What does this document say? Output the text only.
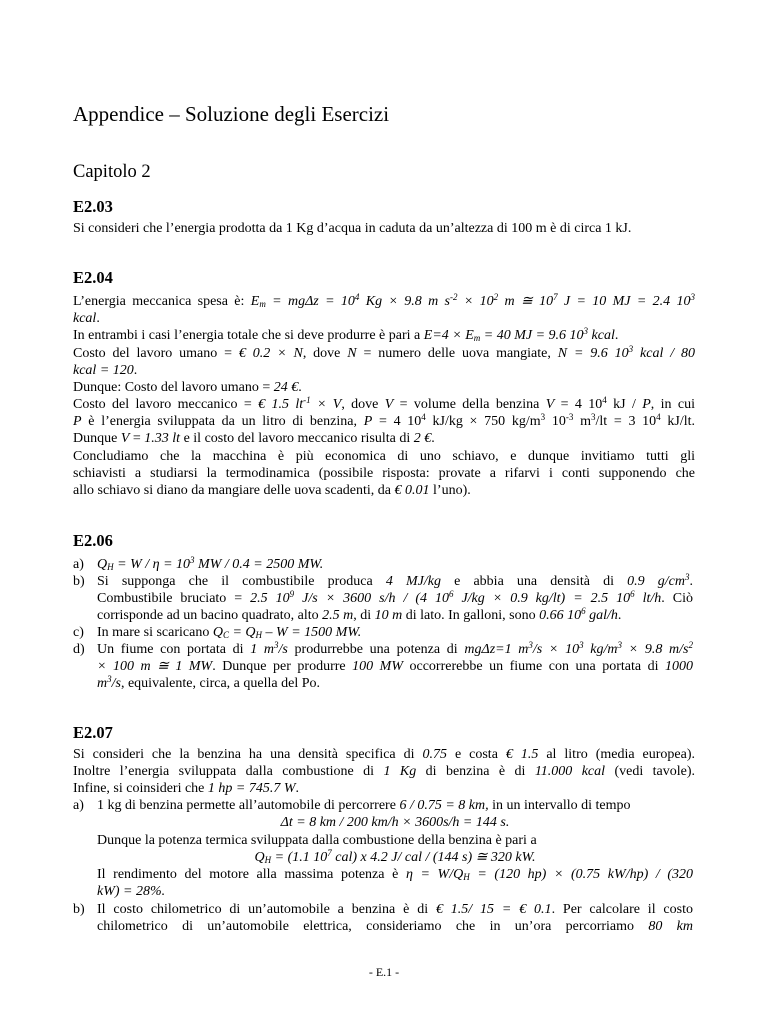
Appendice – Soluzione degli Esercizi
Capitolo 2
E2.03
Si consideri che l’energia prodotta da 1 Kg d’acqua in caduta da un’altezza di 100 m è di circa 1 kJ.
E2.04
L’energia meccanica spesa è: $E_m = mg\Delta z = 10^4$ Kg × 9.8 m $s^{-2} \times 10^2$ m ≅ $10^7$ J = 10 MJ = 2.4 $10^3$
kcal.
In entrambi i casi l’energia totale che si deve produrre è pari a $E=4 \times E_m = 40$ MJ = 9.6 $10^3$ kcal.
Costo del lavoro umano = € 0.2 × N, dove N = numero delle uova mangiate, N = 9.6 $10^3$ kcal / 80
kcal = 120.
Dunque: Costo del lavoro umano = 24 €.
Costo del lavoro meccanico = € 1.5 $lt^{-1} \times V$, dove V = volume della benzina V = 4 $10^4$ kJ / P, in cui
P è l’energia sviluppata da un litro di benzina, P = 4 $10^4$ kJ/kg × 750 $kg/m^3$ $10^{-3}$ $m^3/lt = 3$ $10^4$ kJ/lt.
Dunque V = 1.33 lt e il costo del lavoro meccanico risulta di 2 €.
Concludiamo che la macchina è più economica di uno schiavo, e dunque invitiamo tutti gli
schiavisti a studiarsi la termodinamica (possibile risposta: provate a rifarvi i conti supponendo che
allo schiavo si diano da mangiare delle uova scadenti, da € 0.01 l’uno).
E2.06
a) $Q_H = W / \eta = 10^3$ MW / 0.4 = 2500 MW.
b) Si supponga che il combustibile produca 4 MJ/kg e abbia una densità di 0.9 $g/cm^3$.
Combustibile bruciato = 2.5 $10^9$ J/s × 3600 s/h / (4 $10^6$ J/kg × 0.9 kg/lt) = 2.5 $10^6$ lt/h. Ciò
corrisponde ad un bacino quadrato, alto 2.5 m, di 10 m di lato. In galloni, sono 0.66 $10^6$ gal/h.
c) In mare si scaricano $Q_C = Q_H - W = 1500$ MW.
d) Un fiume con portata di 1 $m^3/s$ produrrebbe una potenza di mgΔz=1 $m^3/s \times 10^3$ $kg/m^3 \times 9.8$ $m/s^2$
× 100 m ≅ 1 MW. Dunque per produrre 100 MW occorrerebbe un fiume con una portata di 1000
$m^3/s$, equivalente, circa, a quella del Po.
E2.07
Si consideri che la benzina ha una densità specifica di 0.75 e costa € 1.5 al litro (media europea).
Inoltre l’energia sviluppata dalla combustione di 1 Kg di benzina è di 11.000 kcal (vedi tavole).
Infine, si coinsideri che 1 hp = 745.7 W.
a) 1 kg di benzina permette all’automobile di percorrere 6 / 0.75 = 8 km, in un intervallo di tempo
Δt = 8 km / 200 km/h × 3600s/h = 144 s.
Dunque la potenza termica sviluppata dalla combustione della benzina è pari a
$Q_H = (1.1$ $10^7$ cal) x 4.2 J/ cal / (144 s) ≅ 320 kW.
Il rendimento del motore alla massima potenza è $\eta = W/Q_H = (120$ hp) × (0.75 kW/hp) / (320
kW) = 28%.
b) Il costo chilometrico di un’automobile a benzina è di € 1.5/ 15 = € 0.1. Per calcolare il costo
chilometrico di un’automobile elettrica, consideriamo che in un’ora percorriamo 80 km
- E.1 -
